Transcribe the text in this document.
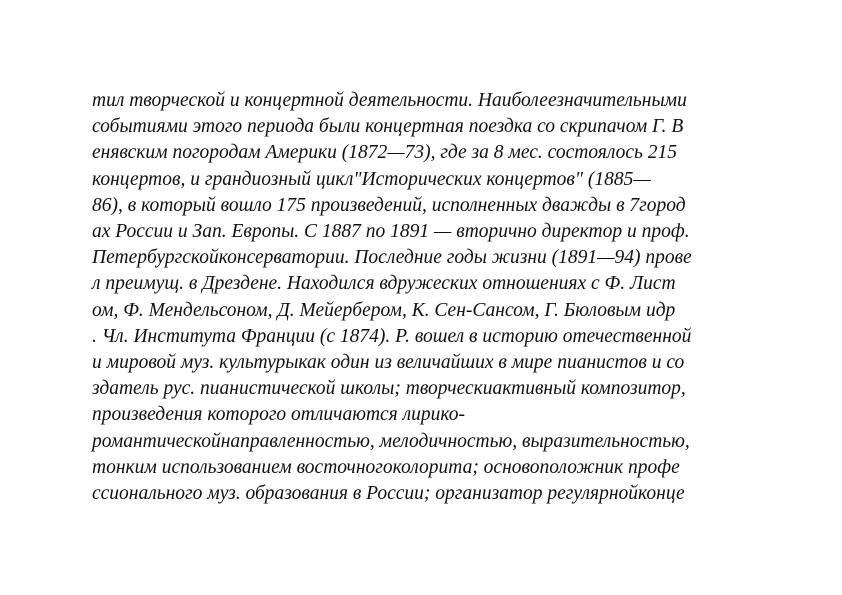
тил творческой и концертной деятельности. Наиболеезначительными
событиями этого периода были концертная поездка со скрипачом Г. В
енявским погородам Америки (1872—73), где за 8 мес. состоялось 215
концертов, и грандиозный цикл"Исторических концертов" (1885—
86), в который вошло 175 произведений, исполненных дважды в 7город
ах России и Зап. Европы. С 1887 по 1891 — вторично директор и проф.
Петербургскойконсерватории. Последние годы жизни (1891—94) прове
л преимущ. в Дрездене. Находился вдружеских отношениях с Ф. Лист
ом, Ф. Мендельсоном, Д. Мейербером, К. Сен-Сансом, Г. Бюловым идр
. Чл. Института Франции (с 1874). Р. вошел в историю отечественной
и мировой муз. культурыкак один из величайших в мире пианистов и со
здатель рус. пианистической школы; творческиактивный композитор,
произведения которого отличаются лирико-
романтическойнаправленностью, мелодичностью, выразительностью,
тонким использованием восточногоколорита; основоположник профе
ссионального муз. образования в России; организатор регулярнойконце
